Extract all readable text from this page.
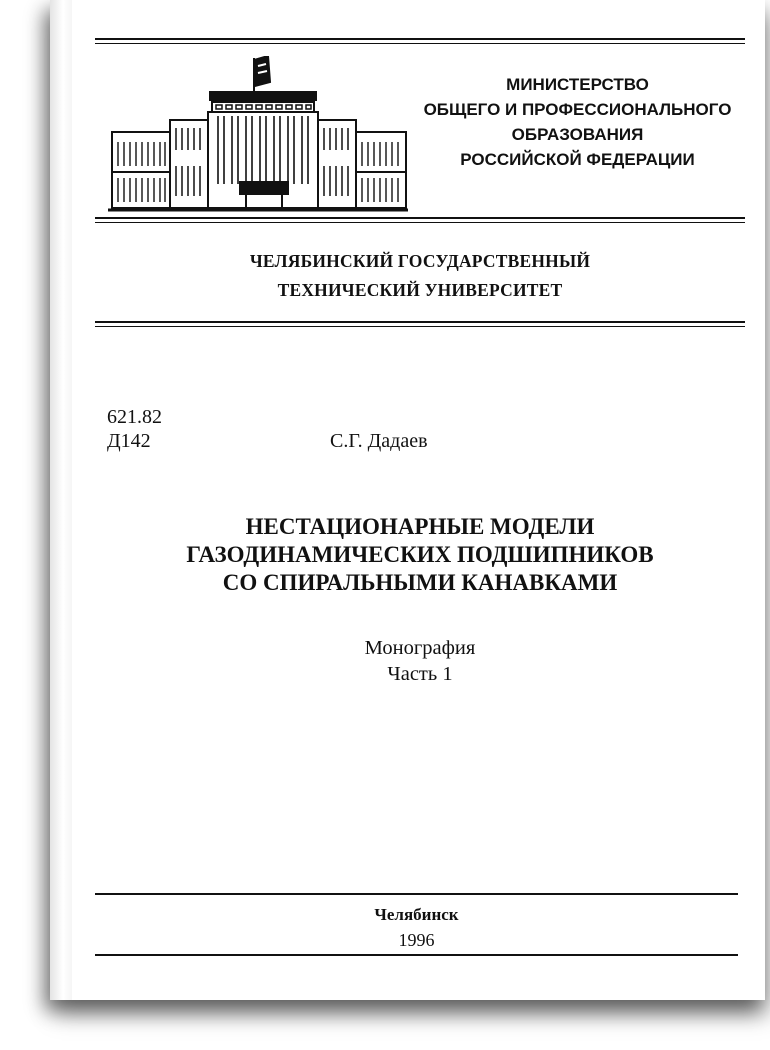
МИНИСТЕРСТВО
ОБЩЕГО И ПРОФЕССИОНАЛЬНОГО
ОБРАЗОВАНИЯ
РОССИЙСКОЙ ФЕДЕРАЦИИ
ЧЕЛЯБИНСКИЙ ГОСУДАРСТВЕННЫЙ
ТЕХНИЧЕСКИЙ УНИВЕРСИТЕТ
621.82
Д142	С.Г. Дадаев
НЕСТАЦИОНАРНЫЕ МОДЕЛИ
ГАЗОДИНАМИЧЕСКИХ ПОДШИПНИКОВ
СО СПИРАЛЬНЫМИ КАНАВКАМИ
Монография
Часть 1
Челябинск
1996
